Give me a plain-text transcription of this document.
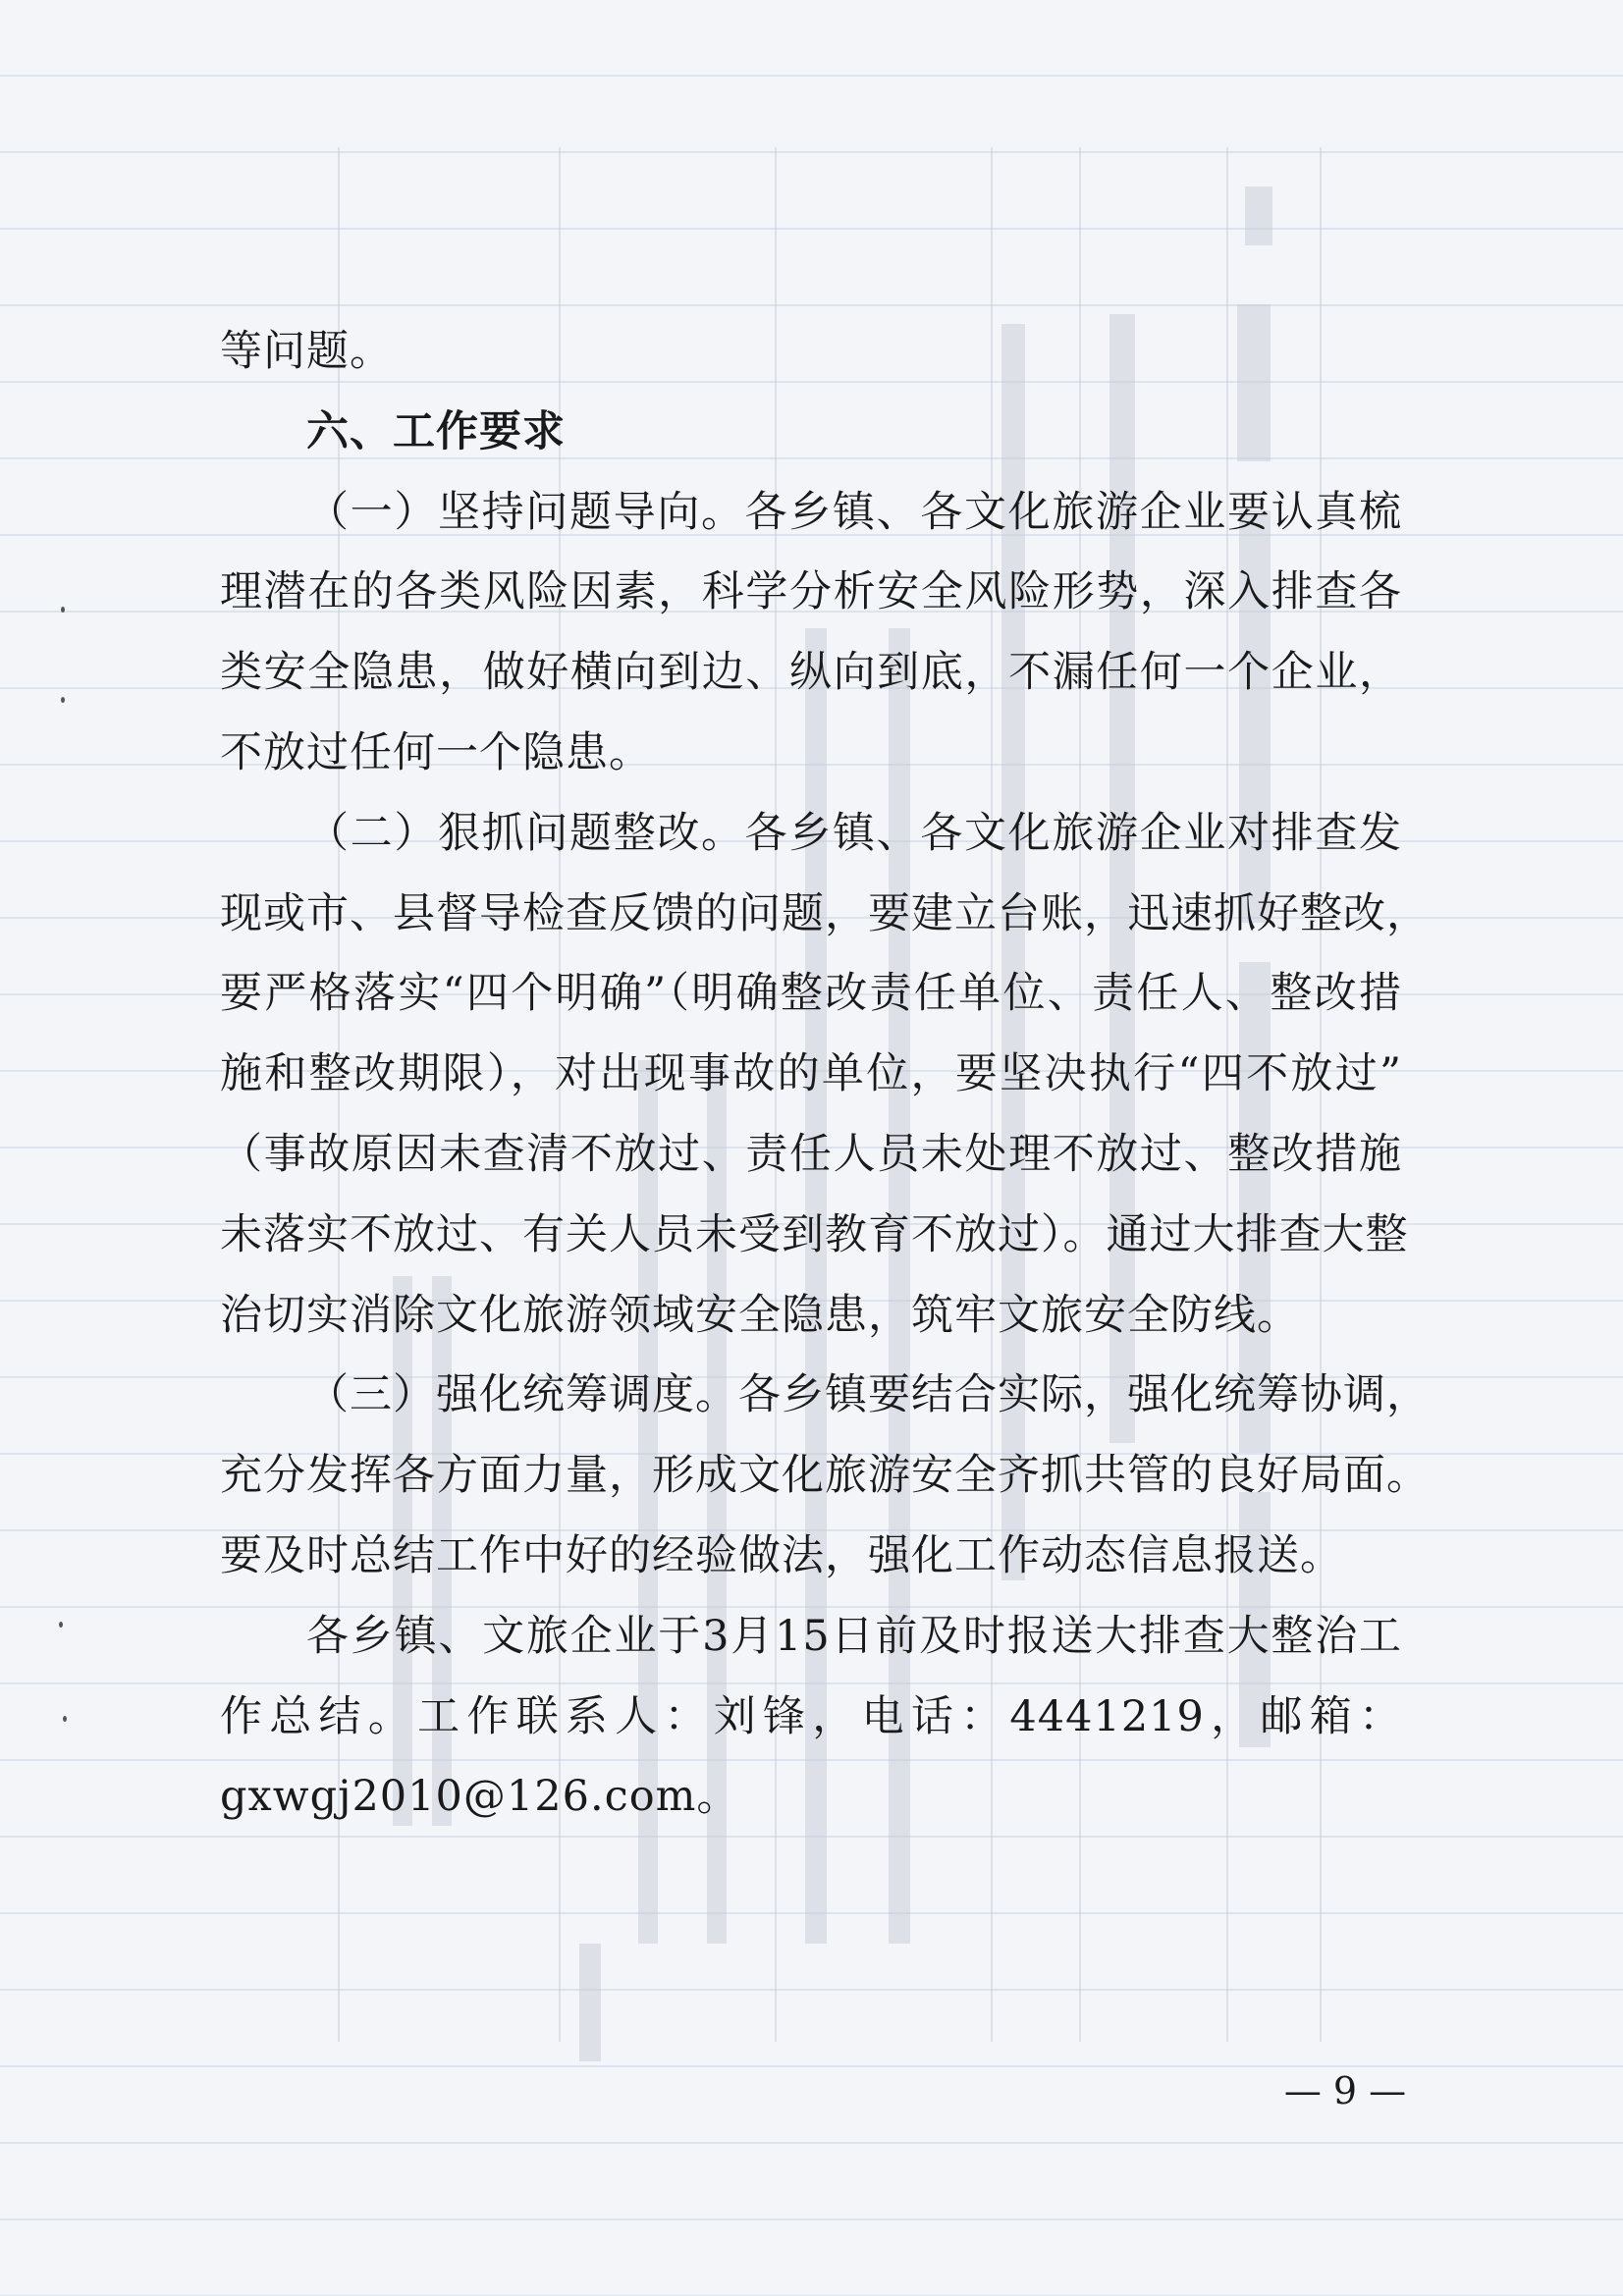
等问题。
六、工作要求
（一）坚持问题导向。各乡镇、各文化旅游企业要认真梳
理潜在的各类风险因素，科学分析安全风险形势，深入排查各
类安全隐患，做好横向到边、纵向到底，不漏任何一个企业，
不放过任何一个隐患。
（二）狠抓问题整改。各乡镇、各文化旅游企业对排查发
现或市、县督导检查反馈的问题，要建立台账，迅速抓好整改，
要严格落实“四个明确”（明确整改责任单位、责任人、整改措
施和整改期限），对出现事故的单位，要坚决执行“四不放过”
（事故原因未查清不放过、责任人员未处理不放过、整改措施
未落实不放过、有关人员未受到教育不放过）。通过大排查大整
治切实消除文化旅游领域安全隐患，筑牢文旅安全防线。
（三）强化统筹调度。各乡镇要结合实际，强化统筹协调，
充分发挥各方面力量，形成文化旅游安全齐抓共管的良好局面。
要及时总结工作中好的经验做法，强化工作动态信息报送。
各乡镇、文旅企业于3月15日前及时报送大排查大整治工
作总结。工作联系人：刘锋，电话：4441219，邮箱：
gxwgj2010@126.com。
— 9 —
